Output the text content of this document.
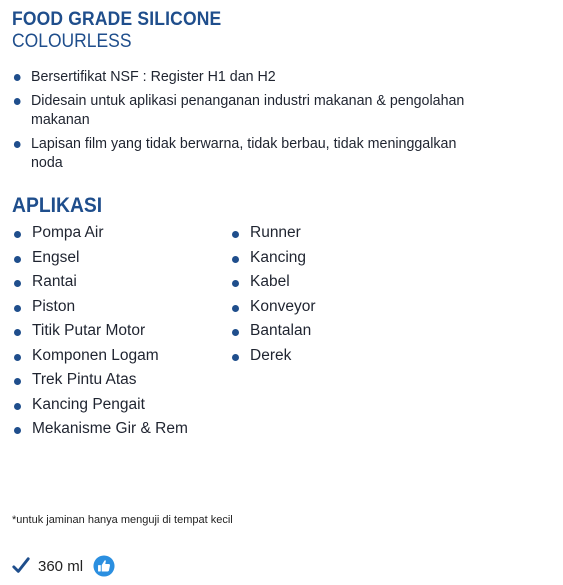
FOOD GRADE SILICONE
COLOURLESS
Bersertifikat NSF : Register H1 dan H2
Didesain untuk aplikasi penanganan industri makanan & pengolahan makanan
Lapisan film yang tidak berwarna, tidak berbau, tidak meninggalkan noda
APLIKASI
Pompa Air
Engsel
Rantai
Piston
Titik Putar Motor
Komponen Logam
Trek Pintu Atas
Kancing Pengait
Mekanisme Gir & Rem
Runner
Kancing
Kabel
Konveyor
Bantalan
Derek
*untuk jaminan hanya menguji di tempat kecil
360 ml
